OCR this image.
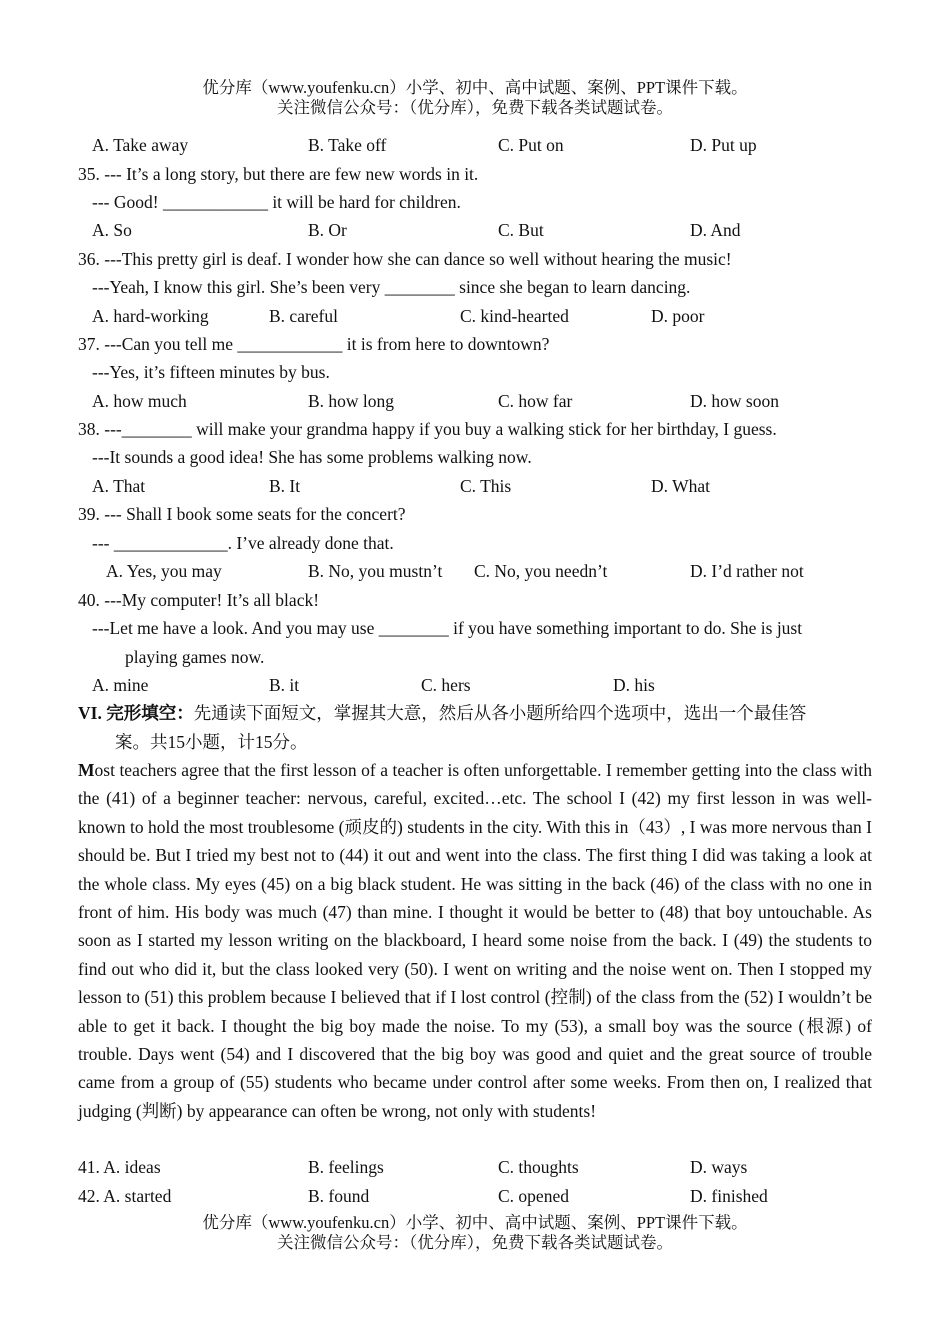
优分库（www.youfenku.cn）小学、初中、高中试题、案例、PPT课件下载。
关注微信公众号：（优分库），免费下载各类试题试卷。
A. Take away	B. Take off	C. Put on	D. Put up
35. --- It’s a long story, but there are few new words in it.
--- Good! ____________ it will be hard for children.
A. So	B. Or	C. But	D. And
36. ---This pretty girl is deaf. I wonder how she can dance so well without hearing the music!
---Yeah, I know this girl. She’s been very ________ since she began to learn dancing.
A. hard-working	B. careful	C. kind-hearted	D. poor
37. ---Can you tell me ____________ it is from here to downtown?
---Yes, it’s fifteen minutes by bus.
A. how much	B. how long	C. how far	D. how soon
38. ---________ will make your grandma happy if you buy a walking stick for her birthday, I guess.
---It sounds a good idea! She has some problems walking now.
A. That	B. It	C. This	D. What
39. --- Shall I book some seats for the concert?
--- _____________. I’ve already done that.
A. Yes, you may	B. No, you mustn’t C. No, you needn’t	D. I’d rather not
40. ---My computer! It’s all black!
---Let me have a look. And you may use ________ if you have something important to do. She is just
playing games now.
A. mine	B. it	C. hers	D. his
VI. 完形填空：先通读下面短文，掌握其大意，然后从各小题所给四个选项中，选出一个最佳答
案。共15小题，计15分。
Most teachers agree that the first lesson of a teacher is often unforgettable. I remember getting into the class with the (41) of a beginner teacher: nervous, careful, excited…etc. The school I (42) my first lesson in was well-known to hold the most troublesome (顽皮的) students in the city. With this in（43）, I was more nervous than I should be. But I tried my best not to (44) it out and went into the class. The first thing I did was taking a look at the whole class. My eyes (45) on a big black student. He was sitting in the back (46) of the class with no one in front of him. His body was much (47) than mine. I thought it would be better to (48) that boy untouchable. As soon as I started my lesson writing on the blackboard, I heard some noise from the back. I (49) the students to find out who did it, but the class looked very (50). I went on writing and the noise went on. Then I stopped my lesson to (51) this problem because I believed that if I lost control (控制) of the class from the (52) I wouldn’t be able to get it back. I thought the big boy made the noise. To my (53), a small boy was the source (根源) of trouble. Days went (54) and I discovered that the big boy was good and quiet and the great source of trouble came from a group of (55) students who became under control after some weeks. From then on, I realized that judging (判断) by appearance can often be wrong, not only with students!
41. A. ideas	B. feelings	C. thoughts	D. ways
42. A. started	B. found	C. opened	D. finished
优分库（www.youfenku.cn）小学、初中、高中试题、案例、PPT课件下载。
关注微信公众号：（优分库），免费下载各类试题试卷。
